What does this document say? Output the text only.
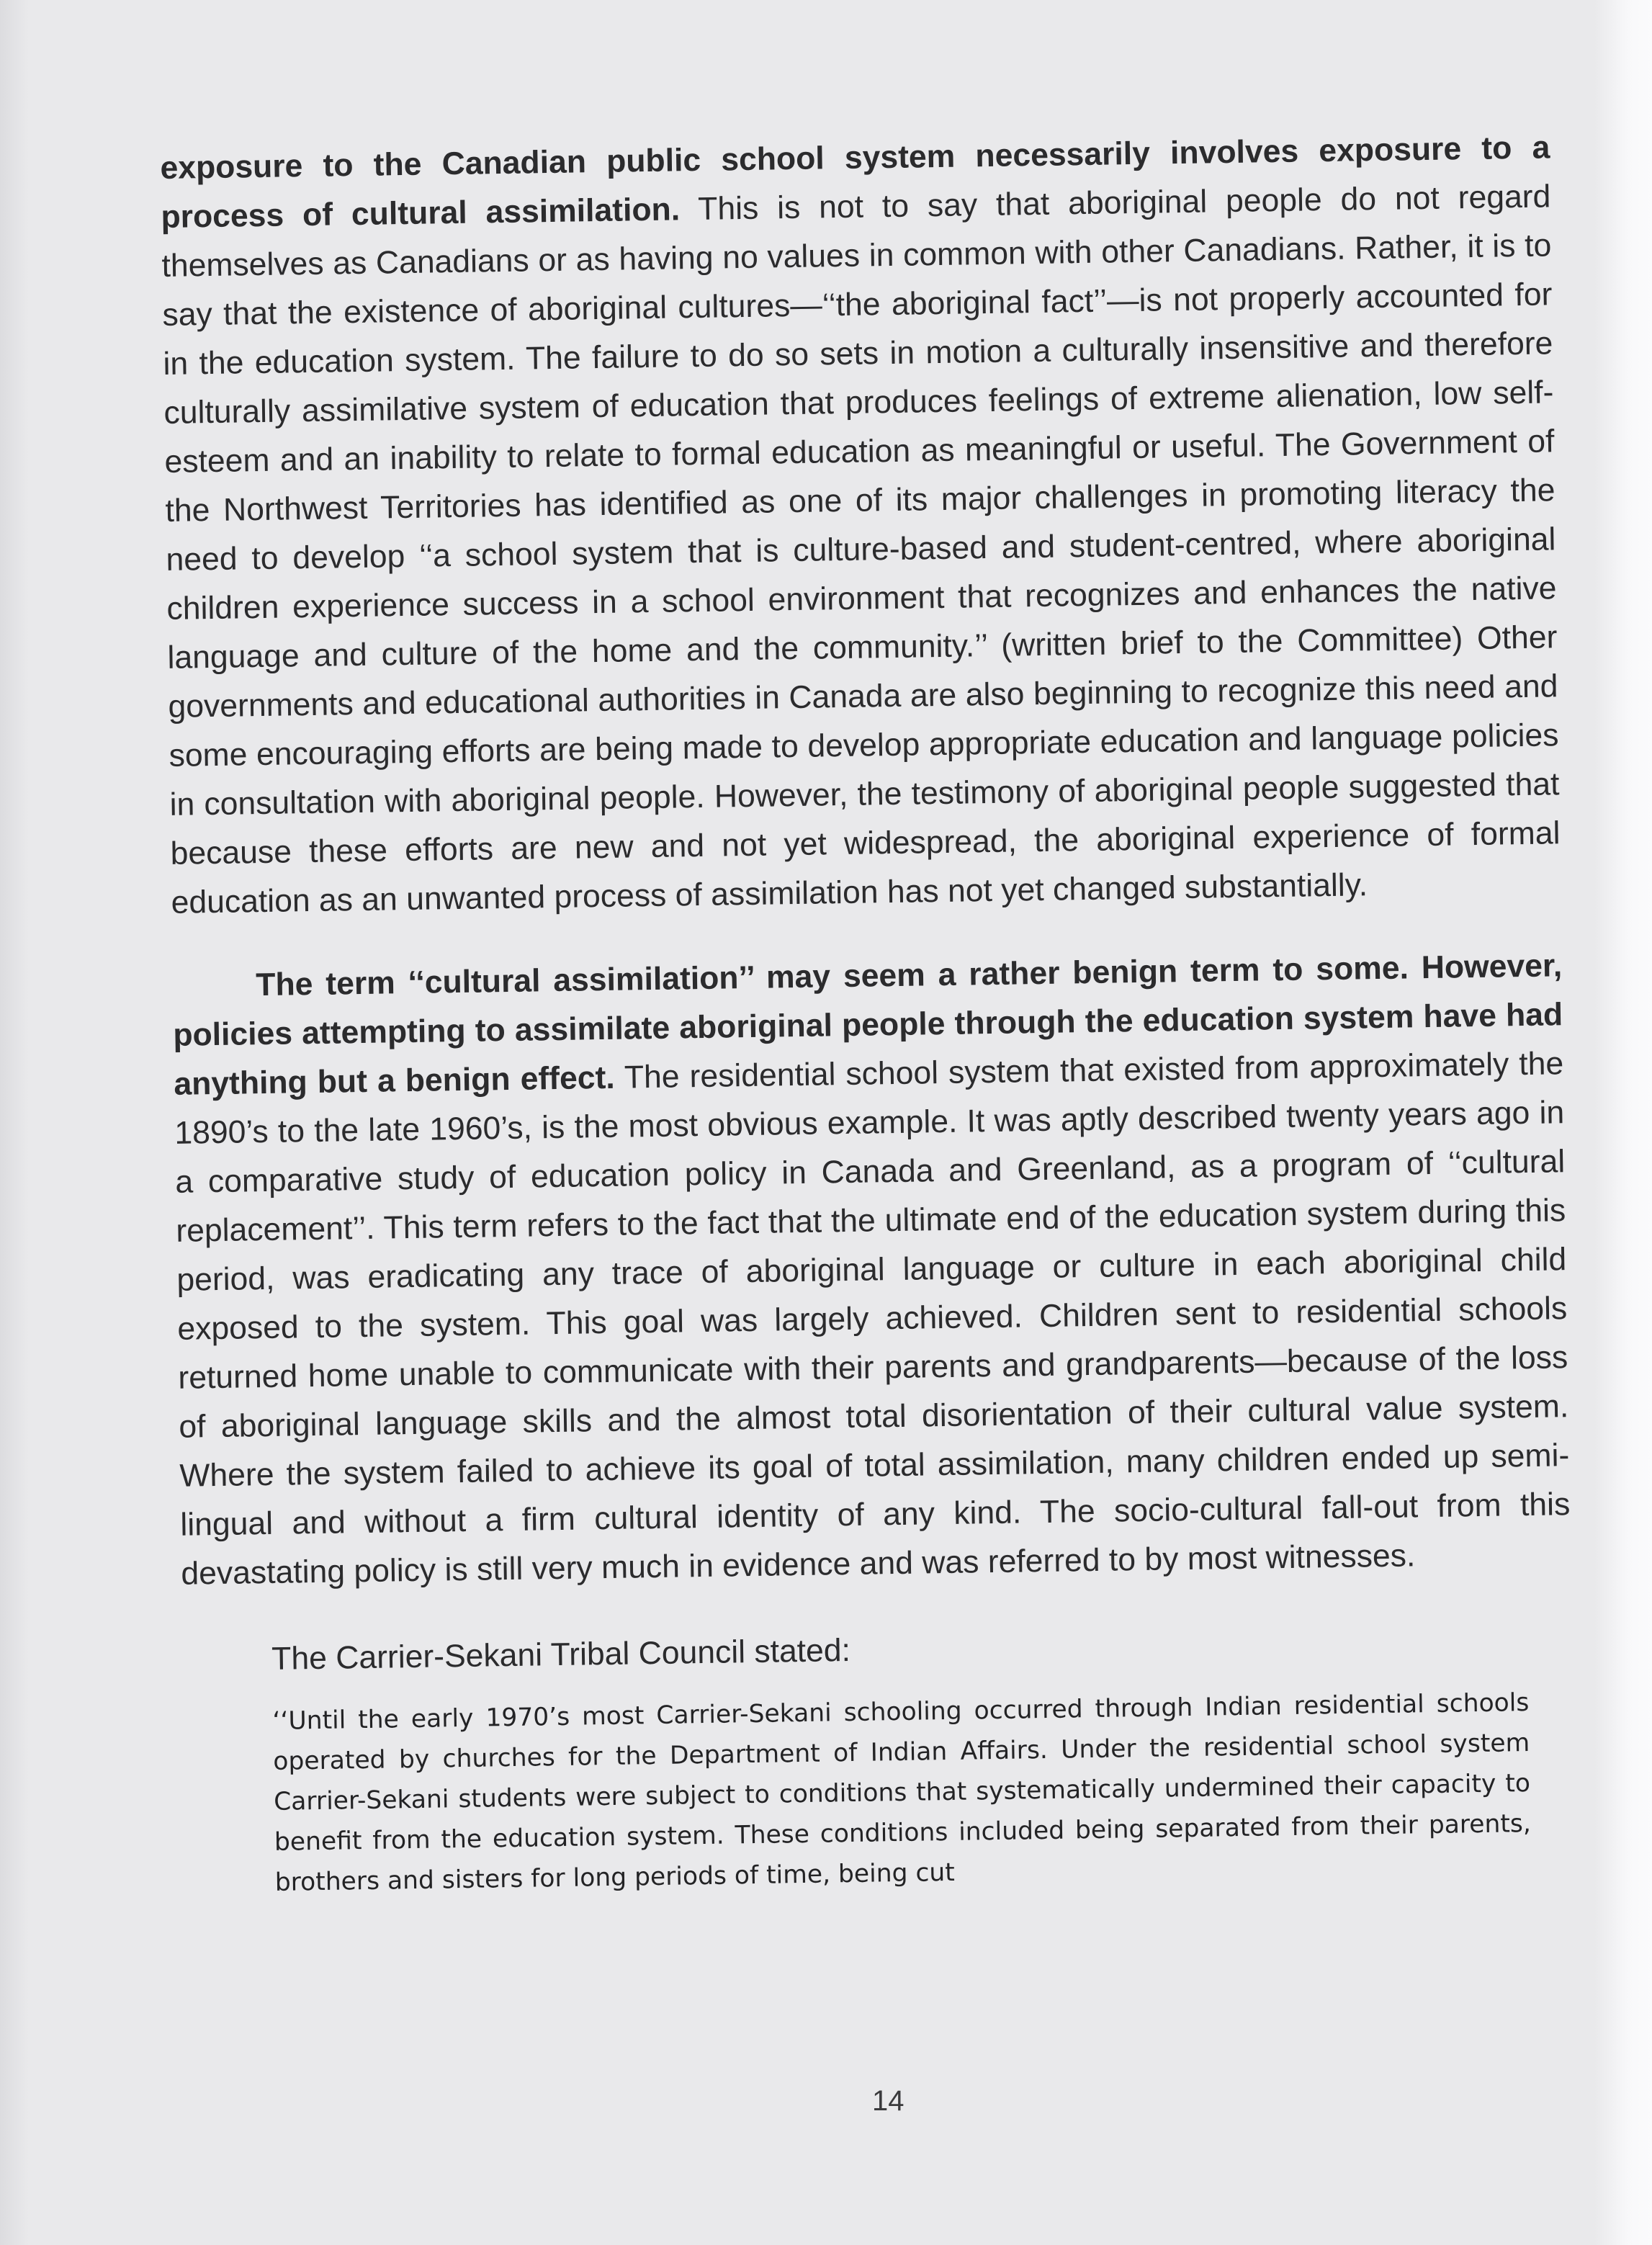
exposure to the Canadian public school system necessarily involves exposure to a process of cultural assimilation. This is not to say that aboriginal people do not regard themselves as Canadians or as having no values in common with other Canadians. Rather, it is to say that the existence of aboriginal cultures—‘‘the aboriginal fact’’—is not properly accounted for in the education system. The failure to do so sets in motion a culturally insensitive and therefore culturally assimilative system of education that produces feelings of extreme alienation, low self-esteem and an inability to relate to formal education as meaningful or useful. The Government of the Northwest Territories has identified as one of its major challenges in promoting literacy the need to develop ‘‘a school system that is culture-based and student-centred, where aboriginal children experience success in a school environment that recognizes and enhances the native language and culture of the home and the community.’’ (written brief to the Committee) Other governments and educational authorities in Canada are also beginning to recognize this need and some encouraging efforts are being made to develop appropriate education and language policies in consultation with aboriginal people. However, the testimony of aboriginal people suggested that because these efforts are new and not yet widespread, the aboriginal experience of formal education as an unwanted process of assimilation has not yet changed substantially.

The term ‘‘cultural assimilation’’ may seem a rather benign term to some. However, policies attempting to assimilate aboriginal people through the education system have had anything but a benign effect. The residential school system that existed from approximately the 1890’s to the late 1960’s, is the most obvious example. It was aptly described twenty years ago in a comparative study of education policy in Canada and Greenland, as a program of ‘‘cultural replacement’’. This term refers to the fact that the ultimate end of the education system during this period, was eradicating any trace of aboriginal language or culture in each aboriginal child exposed to the system. This goal was largely achieved. Children sent to residential schools returned home unable to communicate with their parents and grandparents—because of the loss of aboriginal language skills and the almost total disorientation of their cultural value system. Where the system failed to achieve its goal of total assimilation, many children ended up semi-lingual and without a firm cultural identity of any kind. The socio-cultural fall-out from this devastating policy is still very much in evidence and was referred to by most witnesses.

The Carrier-Sekani Tribal Council stated:

‘‘Until the early 1970’s most Carrier-Sekani schooling occurred through Indian residential schools operated by churches for the Department of Indian Affairs. Under the residential school system Carrier-Sekani students were subject to conditions that systematically undermined their capacity to benefit from the education system. These conditions included being separated from their parents, brothers and sisters for long periods of time, being cut

14
